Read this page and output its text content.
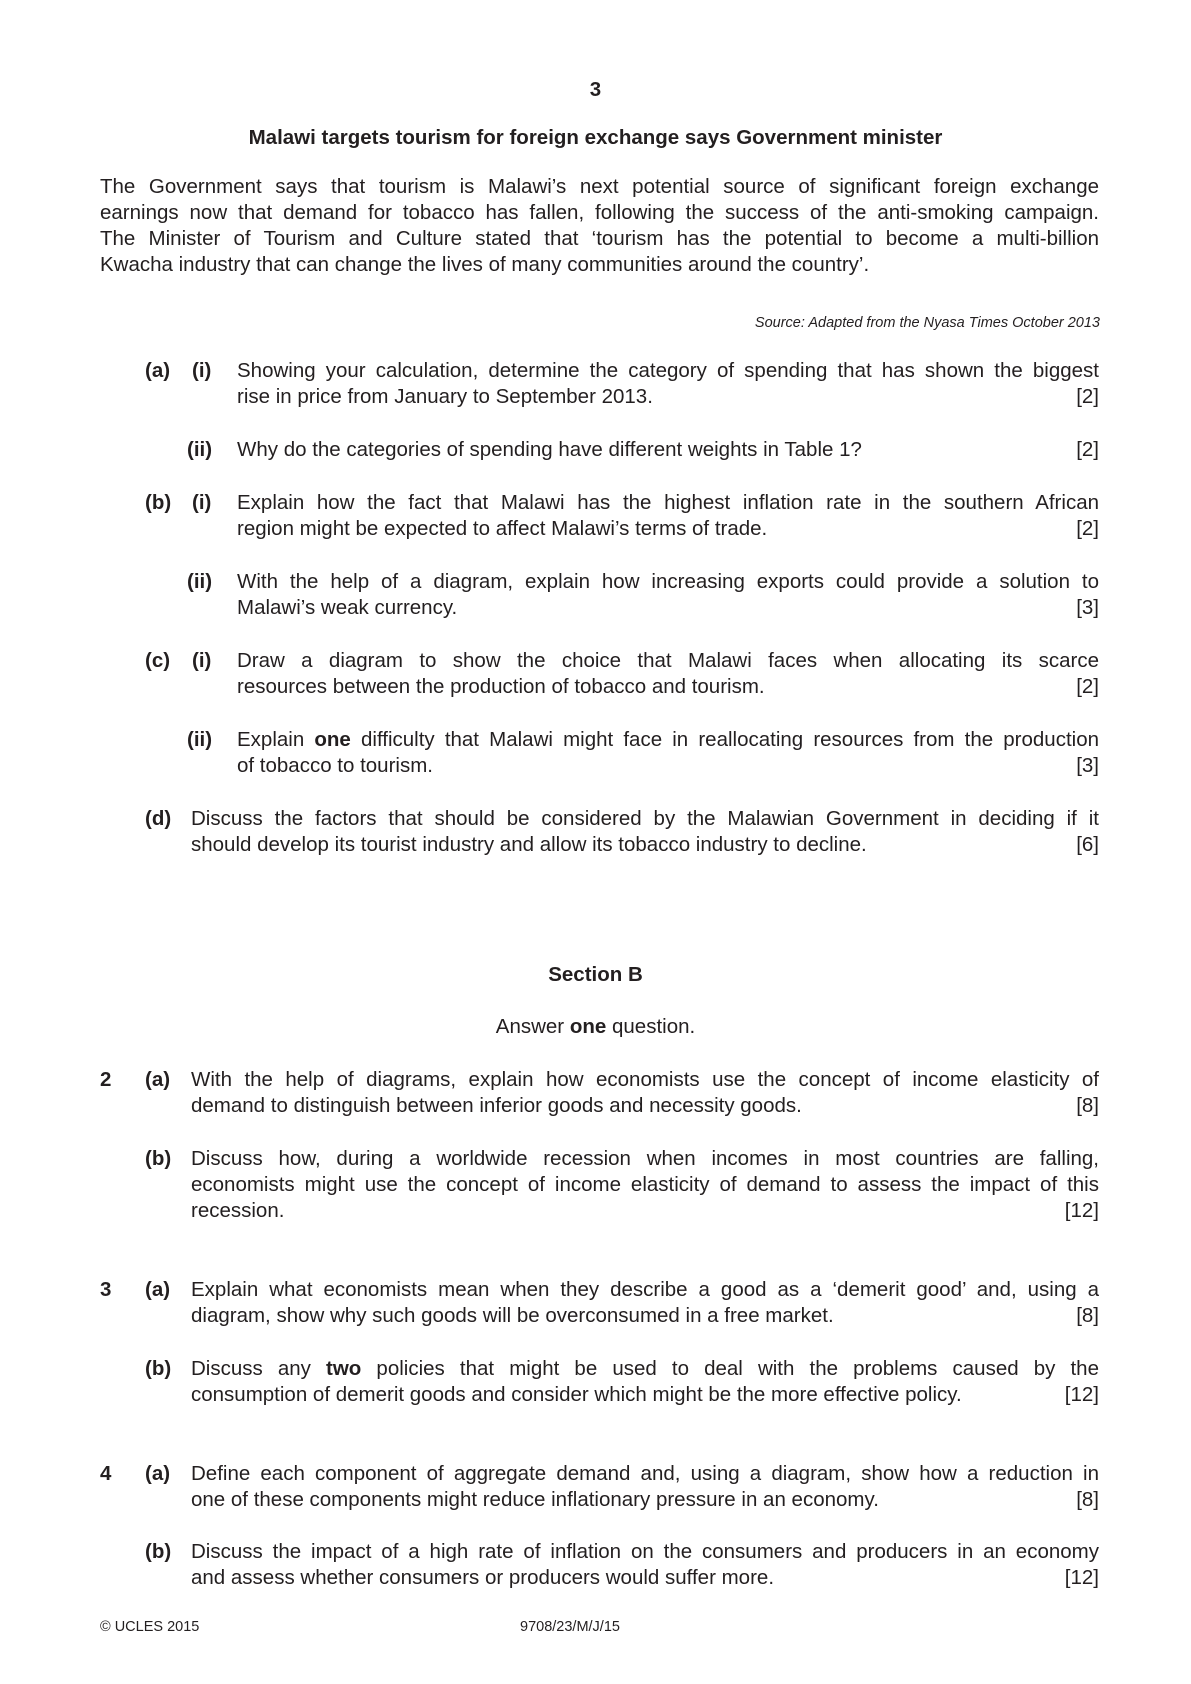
3
Malawi targets tourism for foreign exchange says Government minister
The Government says that tourism is Malawi’s next potential source of significant foreign exchange
earnings now that demand for tobacco has fallen, following the success of the anti-smoking campaign.
The Minister of Tourism and Culture stated that ‘tourism has the potential to become a multi-billion
Kwacha industry that can change the lives of many communities around the country’.
Source: Adapted from the Nyasa Times October 2013
(a) (i) Showing your calculation, determine the category of spending that has shown the biggest
rise in price from January to September 2013.	[2]
(ii) Why do the categories of spending have different weights in Table 1?	[2]
(b) (i) Explain how the fact that Malawi has the highest inflation rate in the southern African
region might be expected to affect Malawi’s terms of trade.	[2]
(ii) With the help of a diagram, explain how increasing exports could provide a solution to
Malawi’s weak currency.	[3]
(c) (i) Draw a diagram to show the choice that Malawi faces when allocating its scarce
resources between the production of tobacco and tourism.	[2]
(ii) Explain one difficulty that Malawi might face in reallocating resources from the production
of tobacco to tourism.	[3]
(d) Discuss the factors that should be considered by the Malawian Government in deciding if it
should develop its tourist industry and allow its tobacco industry to decline.	[6]
Section B
Answer one question.
2 (a) With the help of diagrams, explain how economists use the concept of income elasticity of
demand to distinguish between inferior goods and necessity goods.	[8]
(b) Discuss how, during a worldwide recession when incomes in most countries are falling,
economists might use the concept of income elasticity of demand to assess the impact of this
recession.	[12]
3 (a) Explain what economists mean when they describe a good as a ‘demerit good’ and, using a
diagram, show why such goods will be overconsumed in a free market.	[8]
(b) Discuss any two policies that might be used to deal with the problems caused by the
consumption of demerit goods and consider which might be the more effective policy.	[12]
4 (a) Define each component of aggregate demand and, using a diagram, show how a reduction in
one of these components might reduce inflationary pressure in an economy.	[8]
(b) Discuss the impact of a high rate of inflation on the consumers and producers in an economy
and assess whether consumers or producers would suffer more.	[12]
© UCLES 2015	9708/23/M/J/15
